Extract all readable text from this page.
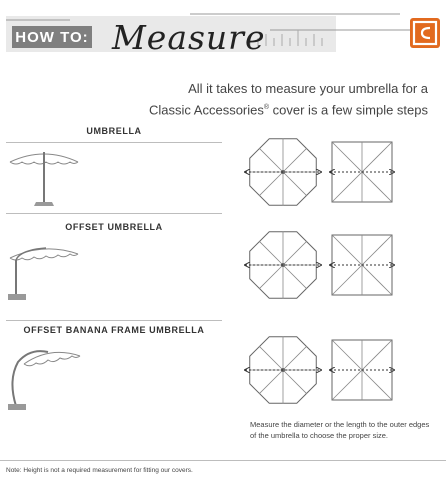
HOW TO: Measure
All it takes to measure your umbrella for a
Classic Accessories® cover is a few simple steps
UMBRELLA
OFFSET UMBRELLA
OFFSET BANANA FRAME UMBRELLA
Measure the diameter or the length to the outer edges
of the umbrella to choose the proper size.
Note: Height is not a required measurement for fitting our covers.
